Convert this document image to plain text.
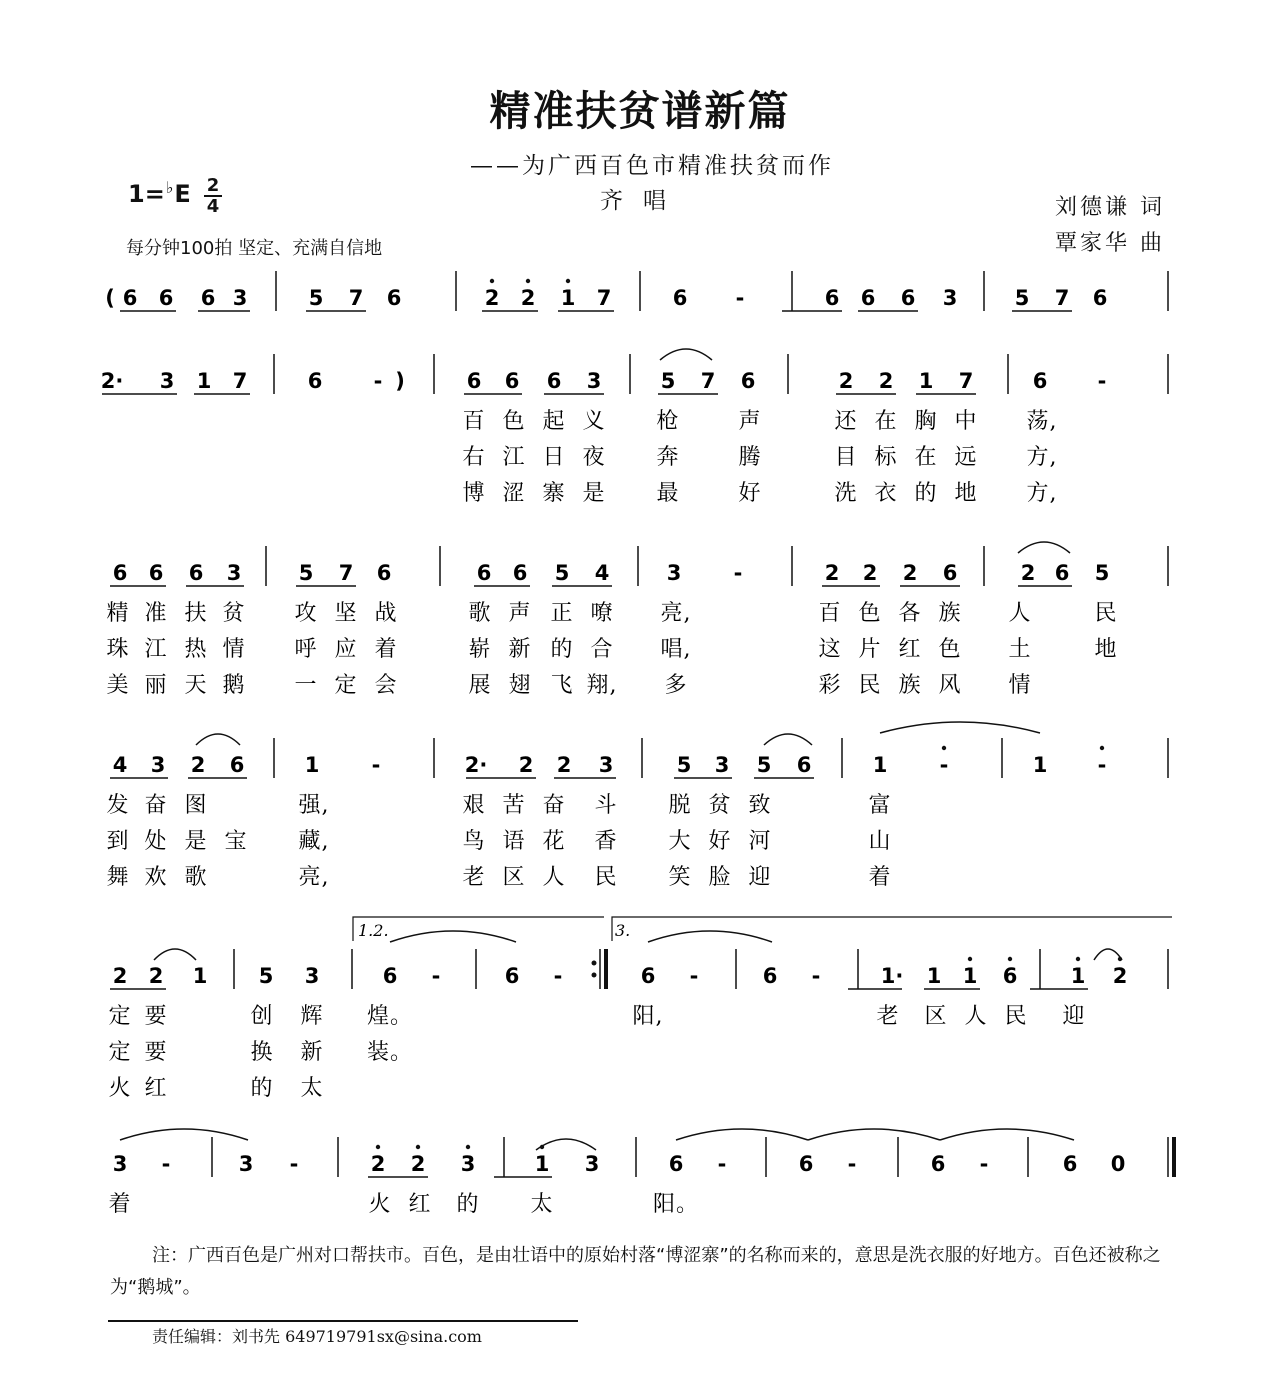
精准扶贫谱新篇
——为广西百色市精准扶贫而作
齐唱
1=♭E 2
4	刘德谦 词
覃家华 曲
每分钟100拍 坚定、充满自信地
( 6 6 6 3	5 7 6	2 2 1 7	6 -	6 6 6 3	5 7 6
2· 3 1 7	6 - )	6 6 6 3	5 7 6	2 2 1 7	6 -
百 色 起 义 枪	声	还 在 胸 中 荡,
右 江 日 夜 奔	腾	目 标 在 远 方,
博 涩 寨 是 最	好	洗 衣 的 地 方,
6 6 6 3	5 7 6	6 6 5 4	3 -	2 2 2 6	2 6 5
精 准 扶 贫 攻 坚 战	歌 声 正 嘹 亮,	百 色 各 族 人	民
珠 江 热 情 呼 应 着	崭 新 的 合 唱,	这 片 红 色 土	地
美 丽 天 鹅 一 定 会	展 翅 飞 翔, 多	彩 民 族 风 情
4 3 2 6	1 -	2· 2 2 3	5 3 5 6	1 -	1 -
发 奋 图	强,	艰 苦 奋 斗 脱 贫 致	富
到 处 是 宝 藏,	鸟 语 花 香 大 好 河	山
舞 欢 歌	亮,	老 区 人 民 笑 脸 迎	着
2 2 1 5 3	6 -	6 -	6 -	6 -	1· 1 1 6	1 2
1.2.	3.
定 要	创 辉 煌。	阳,	老 区 人 民 迎
定 要	换 新 装。
火 红	的 太
3 -	3 -	2 2 3	1 3	6 -	6 -	6 -	6 0
着	火 红 的 太	阳。
注：广西百色是广州对口帮扶市。百色，是由壮语中的原始村落“博涩寨”的名称而来的，意思是洗衣服的好地方。百色还被称之为“鹅城”。
责任编辑：刘书先 649719791sx@sina.com
